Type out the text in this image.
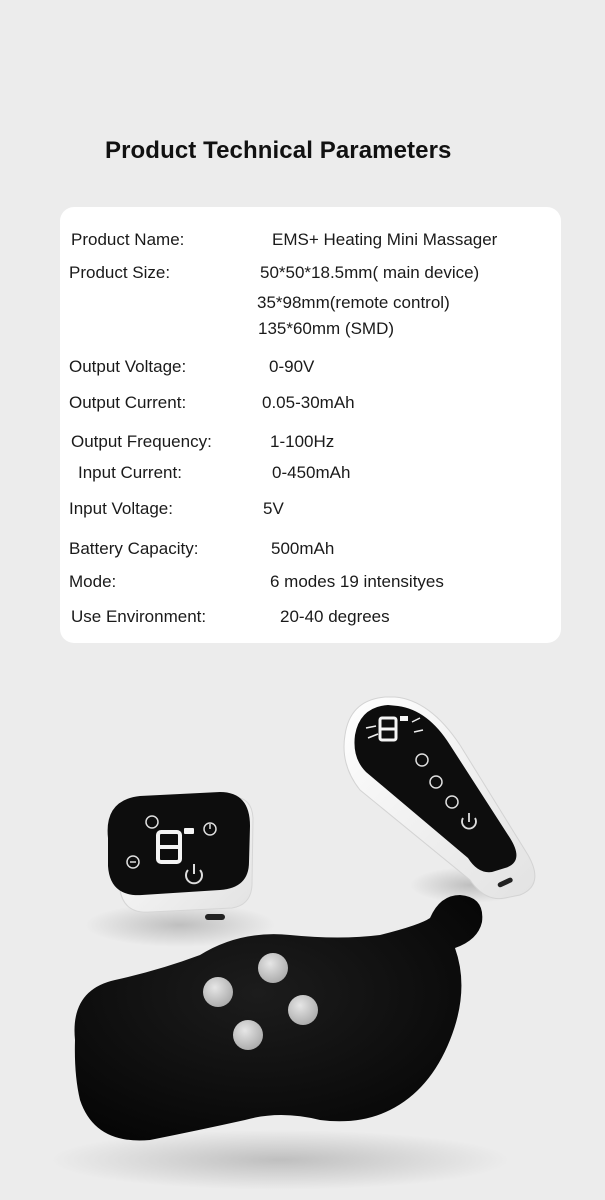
Product Technical Parameters
Product Name:	EMS+ Heating Mini Massager
Product Size:	50*50*18.5mm( main device)
35*98mm(remote control)
135*60mm (SMD)
Output Voltage:	0-90V
Output Current:	0.05-30mAh
Output Frequency:	1-100Hz
Input Current:	0-450mAh
Input Voltage:	5V
Battery Capacity:	500mAh
Mode:	6 modes 19 intensityes
Use Environment:	20-40 degrees
